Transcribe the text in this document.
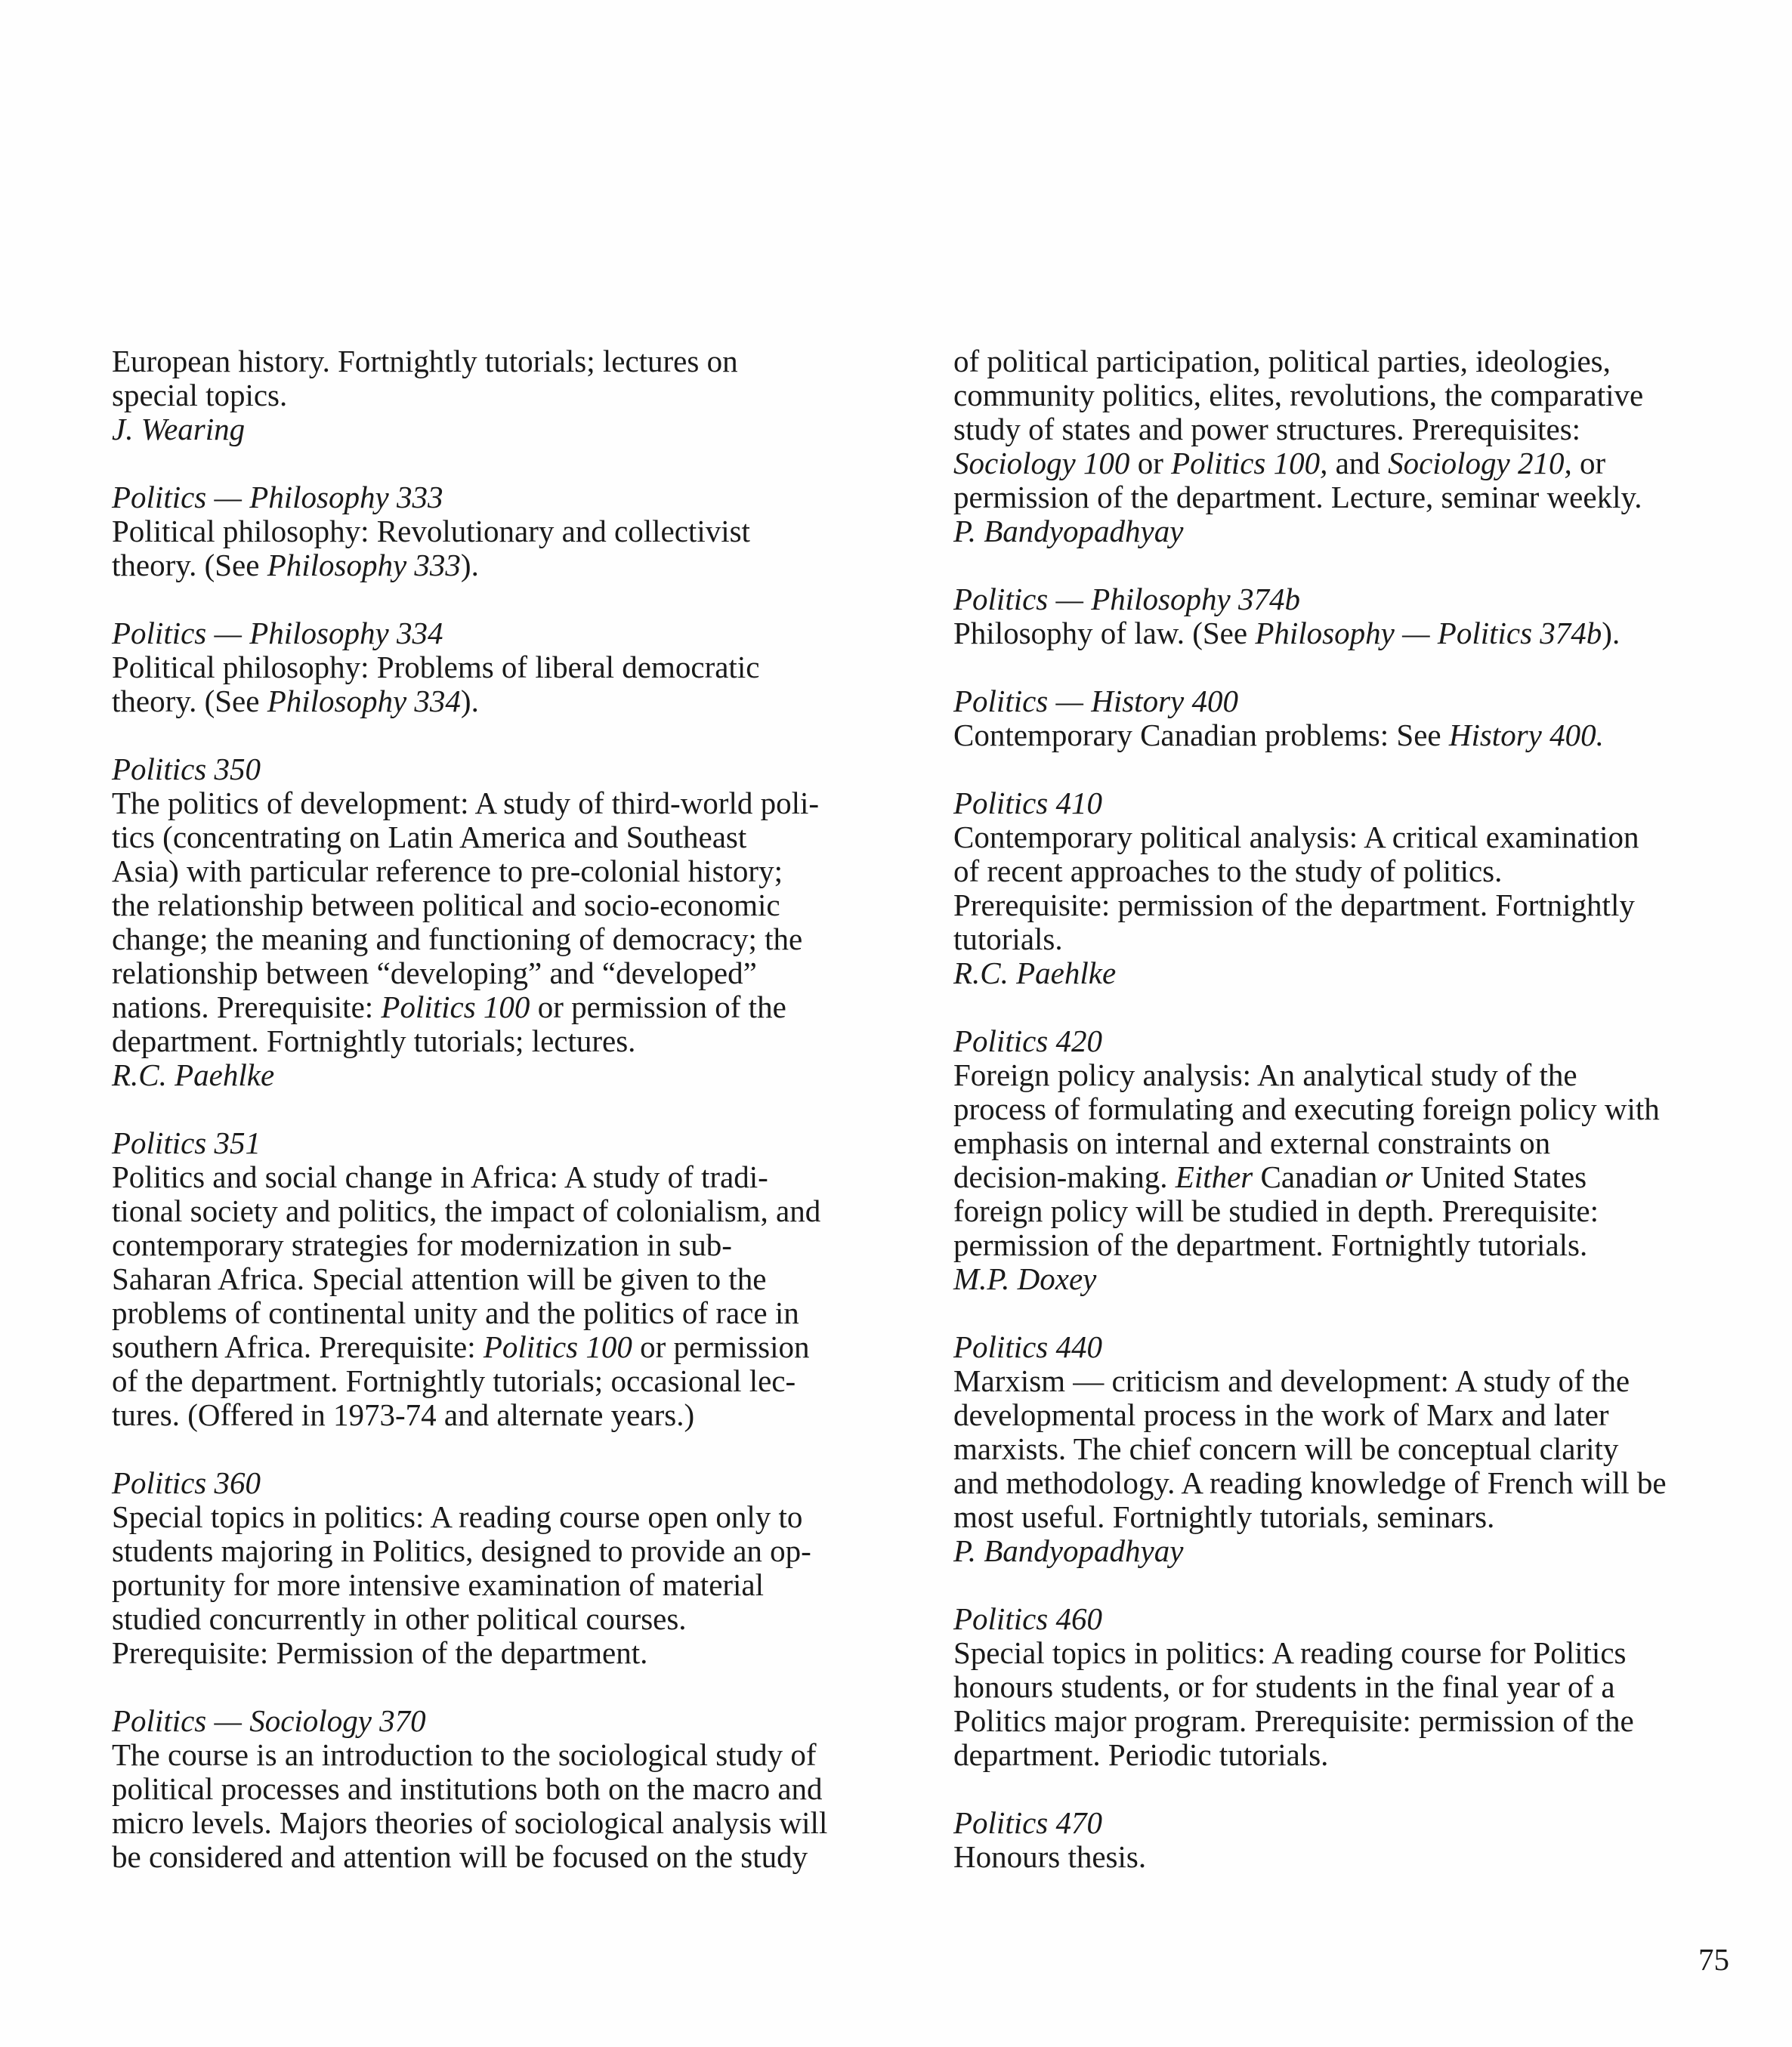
European history. Fortnightly tutorials; lectures on
special topics.
J. Wearing
Politics — Philosophy 333
Political philosophy: Revolutionary and collectivist
theory. (See Philosophy 333).
Politics — Philosophy 334
Political philosophy: Problems of liberal democratic
theory. (See Philosophy 334).
Politics 350
The politics of development: A study of third-world poli-
tics (concentrating on Latin America and Southeast
Asia) with particular reference to pre-colonial history;
the relationship between political and socio-economic
change; the meaning and functioning of democracy; the
relationship between “developing” and “developed”
nations. Prerequisite: Politics 100 or permission of the
department. Fortnightly tutorials; lectures.
R.C. Paehlke
Politics 351
Politics and social change in Africa: A study of tradi-
tional society and politics, the impact of colonialism, and
contemporary strategies for modernization in sub-
Saharan Africa. Special attention will be given to the
problems of continental unity and the politics of race in
southern Africa. Prerequisite: Politics 100 or permission
of the department. Fortnightly tutorials; occasional lec-
tures. (Offered in 1973-74 and alternate years.)
Politics 360
Special topics in politics: A reading course open only to
students majoring in Politics, designed to provide an op-
portunity for more intensive examination of material
studied concurrently in other political courses.
Prerequisite: Permission of the department.
Politics — Sociology 370
The course is an introduction to the sociological study of
political processes and institutions both on the macro and
micro levels. Majors theories of sociological analysis will
be considered and attention will be focused on the study
of political participation, political parties, ideologies,
community politics, elites, revolutions, the comparative
study of states and power structures. Prerequisites:
Sociology 100 or Politics 100, and Sociology 210, or
permission of the department. Lecture, seminar weekly.
P. Bandyopadhyay
Politics — Philosophy 374b
Philosophy of law. (See Philosophy — Politics 374b).
Politics — History 400
Contemporary Canadian problems: See History 400.
Politics 410
Contemporary political analysis: A critical examination
of recent approaches to the study of politics.
Prerequisite: permission of the department. Fortnightly
tutorials.
R.C. Paehlke
Politics 420
Foreign policy analysis: An analytical study of the
process of formulating and executing foreign policy with
emphasis on internal and external constraints on
decision-making. Either Canadian or United States
foreign policy will be studied in depth. Prerequisite:
permission of the department. Fortnightly tutorials.
M.P. Doxey
Politics 440
Marxism — criticism and development: A study of the
developmental process in the work of Marx and later
marxists. The chief concern will be conceptual clarity
and methodology. A reading knowledge of French will be
most useful. Fortnightly tutorials, seminars.
P. Bandyopadhyay
Politics 460
Special topics in politics: A reading course for Politics
honours students, or for students in the final year of a
Politics major program. Prerequisite: permission of the
department. Periodic tutorials.
Politics 470
Honours thesis.
75
